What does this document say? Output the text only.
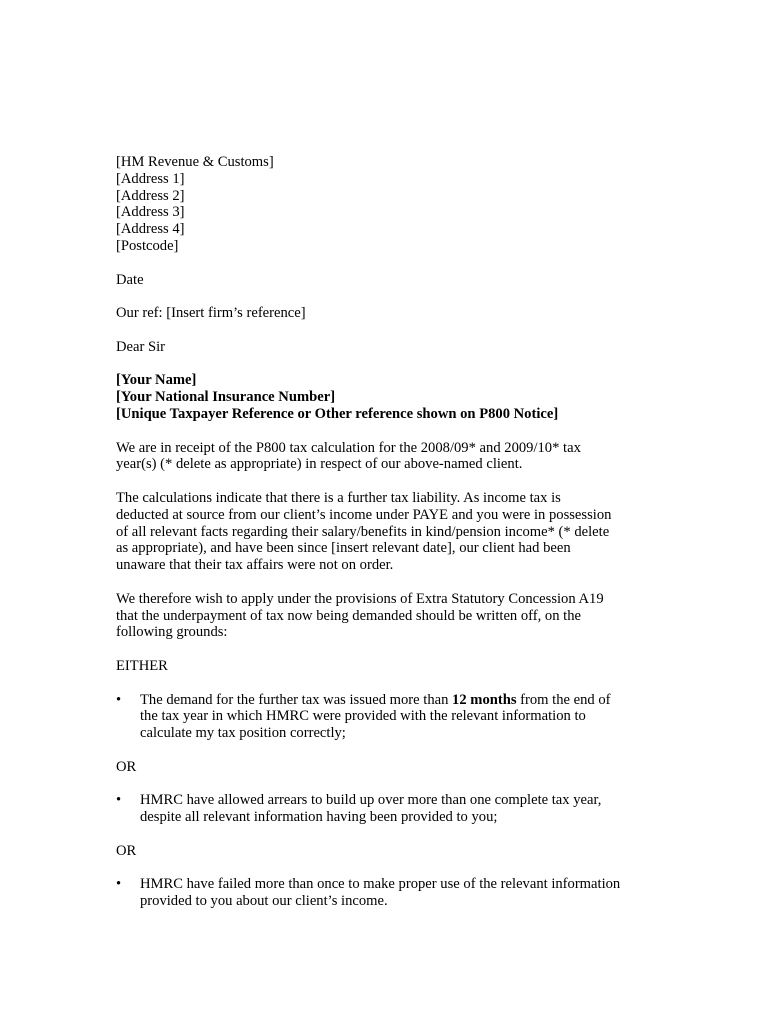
[HM Revenue & Customs]
[Address 1]
[Address 2]
[Address 3]
[Address 4]
[Postcode]
Date
Our ref: [Insert firm’s reference]
Dear Sir
[Your Name]
[Your National Insurance Number]
[Unique Taxpayer Reference or Other reference shown on P800 Notice]
We are in receipt of the P800 tax calculation for the 2008/09* and 2009/10* tax
year(s) (* delete as appropriate) in respect of our above-named client.
The calculations indicate that there is a further tax liability. As income tax is
deducted at source from our client’s income under PAYE and you were in possession
of all relevant facts regarding their salary/benefits in kind/pension income* (* delete
as appropriate), and have been since [insert relevant date], our client had been
unaware that their tax affairs were not on order.
We therefore wish to apply under the provisions of Extra Statutory Concession A19
that the underpayment of tax now being demanded should be written off, on the
following grounds:
EITHER
• The demand for the further tax was issued more than 12 months from the end of
the tax year in which HMRC were provided with the relevant information to
calculate my tax position correctly;
OR
• HMRC have allowed arrears to build up over more than one complete tax year,
despite all relevant information having been provided to you;
OR
• HMRC have failed more than once to make proper use of the relevant information
provided to you about our client’s income.
